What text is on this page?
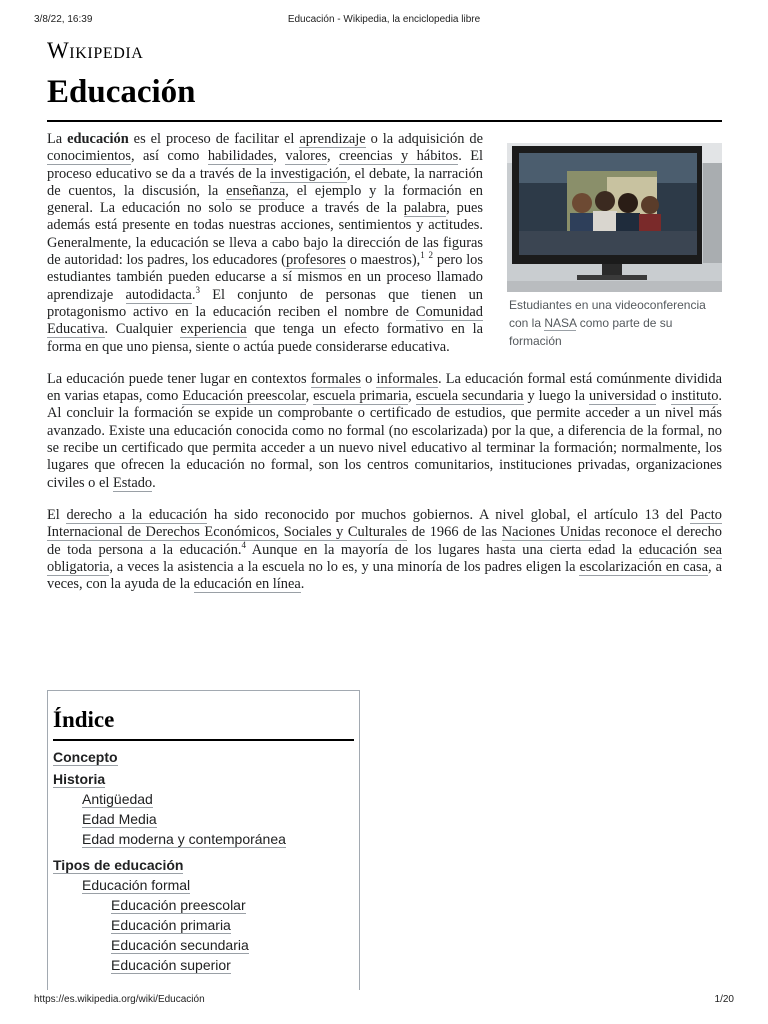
3/8/22, 16:39	Educación - Wikipedia, la enciclopedia libre
Wikipedia
Educación
Estudiantes en una videoconferencia con la NASA como parte de su formación

La educación es el proceso de facilitar el aprendizaje o la adquisición de conocimientos, así como habilidades, valores, creencias y hábitos. El proceso educativo se da a través de la investigación, el debate, la narración de cuentos, la discusión, la enseñanza, el ejemplo y la formación en general. La educación no solo se produce a través de la palabra, pues además está presente en todas nuestras acciones, sentimientos y actitudes. Generalmente, la educación se lleva a cabo bajo la dirección de las figuras de autoridad: los padres, los educadores (profesores o maestros),$^1$ $^2$ pero los estudiantes también pueden educarse a sí mismos en un proceso llamado aprendizaje autodidacta.$^3$ El conjunto de personas que tienen un protagonismo activo en la educación reciben el nombre de Comunidad Educativa. Cualquier experiencia que tenga un efecto formativo en la forma en que uno piensa, siente o actúa puede considerarse educativa.

La educación puede tener lugar en contextos formales o informales. La educación formal está comúnmente dividida en varias etapas, como Educación preescolar, escuela primaria, escuela secundaria y luego la universidad o instituto. Al concluir la formación se expide un comprobante o certificado de estudios, que permite acceder a un nivel más avanzado. Existe una educación conocida como no formal (no escolarizada) por la que, a diferencia de la formal, no se recibe un certificado que permita acceder a un nuevo nivel educativo al terminar la formación; normalmente, los lugares que ofrecen la educación no formal, son los centros comunitarios, instituciones privadas, organizaciones civiles o el Estado.

El derecho a la educación ha sido reconocido por muchos gobiernos. A nivel global, el artículo 13 del Pacto Internacional de Derechos Económicos, Sociales y Culturales de 1966 de las Naciones Unidas reconoce el derecho de toda persona a la educación.$^4$ Aunque en la mayoría de los lugares hasta una cierta edad la educación sea obligatoria, a veces la asistencia a la escuela no lo es, y una minoría de los padres eligen la escolarización en casa, a veces, con la ayuda de la educación en línea.

Índice
Concepto
Historia
Antigüedad
Edad Media
Edad moderna y contemporánea
Tipos de educación
Educación formal
Educación preescolar
Educación primaria
Educación secundaria
Educación superior
https://es.wikipedia.org/wiki/Educación	1/20
